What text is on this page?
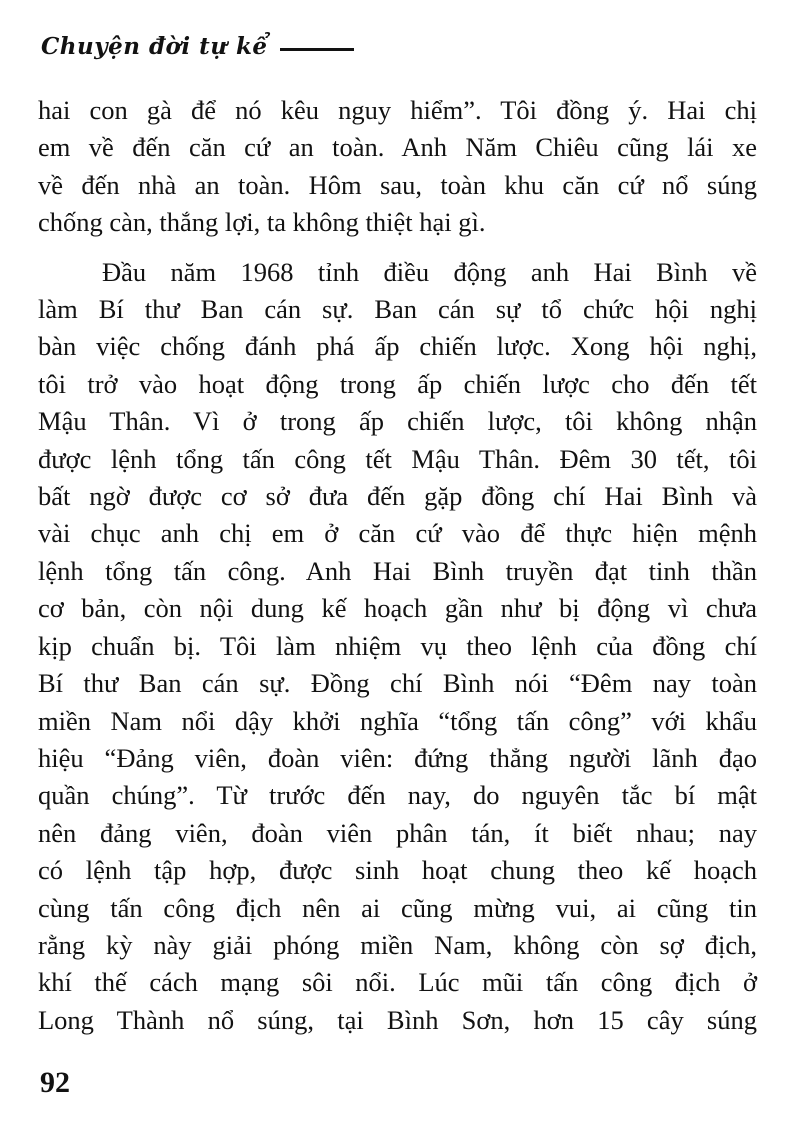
Chuyện đời tự kể
hai con gà để nó kêu nguy hiểm”. Tôi đồng ý. Hai chị
em về đến căn cứ an toàn. Anh Năm Chiêu cũng lái xe
về đến nhà an toàn. Hôm sau, toàn khu căn cứ nổ súng
chống càn, thắng lợi, ta không thiệt hại gì.
Đầu năm 1968 tỉnh điều động anh Hai Bình về
làm Bí thư Ban cán sự. Ban cán sự tổ chức hội nghị
bàn việc chống đánh phá ấp chiến lược. Xong hội nghị,
tôi trở vào hoạt động trong ấp chiến lược cho đến tết
Mậu Thân. Vì ở trong ấp chiến lược, tôi không nhận
được lệnh tổng tấn công tết Mậu Thân. Đêm 30 tết, tôi
bất ngờ được cơ sở đưa đến gặp đồng chí Hai Bình và
vài chục anh chị em ở căn cứ vào để thực hiện mệnh
lệnh tổng tấn công. Anh Hai Bình truyền đạt tinh thần
cơ bản, còn nội dung kế hoạch gần như bị động vì chưa
kịp chuẩn bị. Tôi làm nhiệm vụ theo lệnh của đồng chí
Bí thư Ban cán sự. Đồng chí Bình nói “Đêm nay toàn
miền Nam nổi dậy khởi nghĩa “tổng tấn công” với khẩu
hiệu “Đảng viên, đoàn viên: đứng thẳng người lãnh đạo
quần chúng”. Từ trước đến nay, do nguyên tắc bí mật
nên đảng viên, đoàn viên phân tán, ít biết nhau; nay
có lệnh tập hợp, được sinh hoạt chung theo kế hoạch
cùng tấn công địch nên ai cũng mừng vui, ai cũng tin
rằng kỳ này giải phóng miền Nam, không còn sợ địch,
khí thế cách mạng sôi nổi. Lúc mũi tấn công địch ở
Long Thành nổ súng, tại Bình Sơn, hơn 15 cây súng
92
